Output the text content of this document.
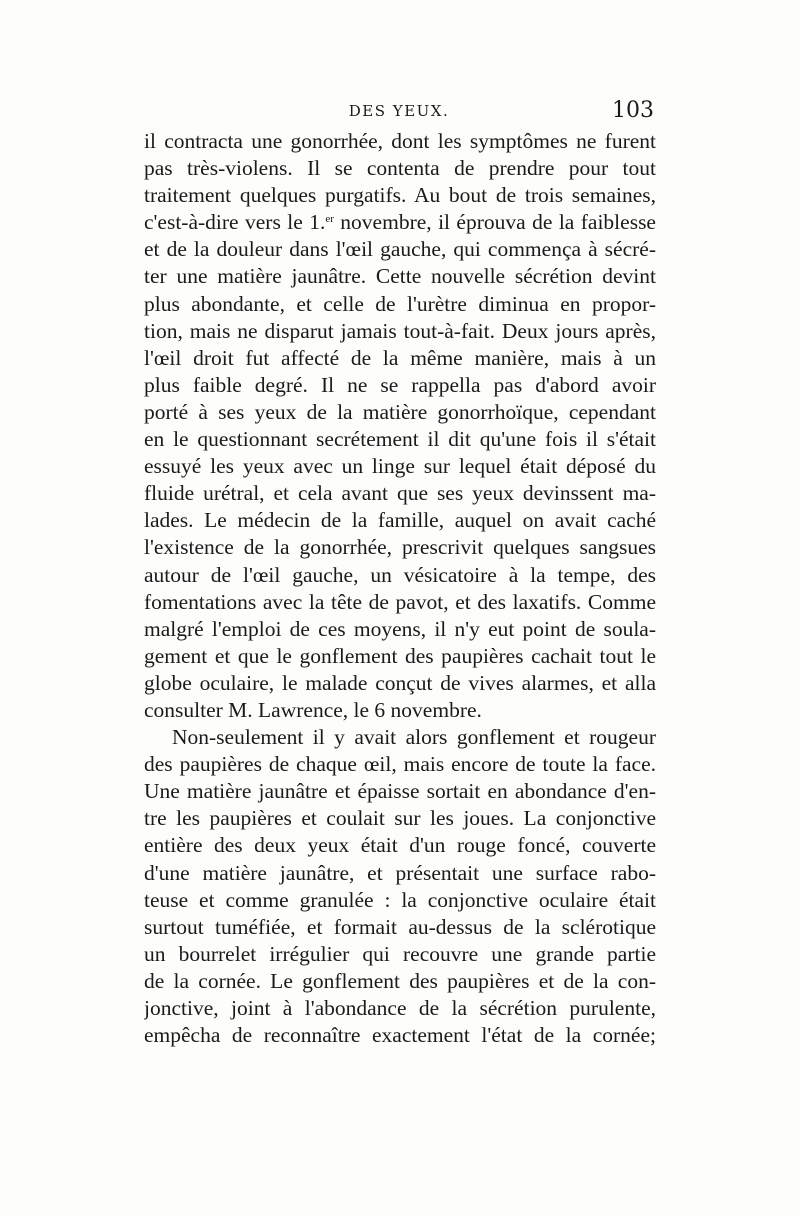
DES YEUX.	103
il contracta une gonorrhée, dont les symptômes ne furent
pas très-violens. Il se contenta de prendre pour tout
traitement quelques purgatifs. Au bout de trois semaines,
c'est-à-dire vers le 1.$^{er}$ novembre, il éprouva de la faiblesse
et de la douleur dans l'œil gauche, qui commença à sécré-
ter une matière jaunâtre. Cette nouvelle sécrétion devint
plus abondante, et celle de l'urètre diminua en propor-
tion, mais ne disparut jamais tout-à-fait. Deux jours après,
l'œil droit fut affecté de la même manière, mais à un
plus faible degré. Il ne se rappella pas d'abord avoir
porté à ses yeux de la matière gonorrhoïque, cependant
en le questionnant secrétement il dit qu'une fois il s'était
essuyé les yeux avec un linge sur lequel était déposé du
fluide urétral, et cela avant que ses yeux devinssent ma-
lades. Le médecin de la famille, auquel on avait caché
l'existence de la gonorrhée, prescrivit quelques sangsues
autour de l'œil gauche, un vésicatoire à la tempe, des
fomentations avec la tête de pavot, et des laxatifs. Comme
malgré l'emploi de ces moyens, il n'y eut point de soula-
gement et que le gonflement des paupières cachait tout le
globe oculaire, le malade conçut de vives alarmes, et alla
consulter M. Lawrence, le 6 novembre.
Non-seulement il y avait alors gonflement et rougeur
des paupières de chaque œil, mais encore de toute la face.
Une matière jaunâtre et épaisse sortait en abondance d'en-
tre les paupières et coulait sur les joues. La conjonctive
entière des deux yeux était d'un rouge foncé, couverte
d'une matière jaunâtre, et présentait une surface rabo-
teuse et comme granulée : la conjonctive oculaire était
surtout tuméfiée, et formait au-dessus de la sclérotique
un bourrelet irrégulier qui recouvre une grande partie
de la cornée. Le gonflement des paupières et de la con-
jonctive, joint à l'abondance de la sécrétion purulente,
empêcha de reconnaître exactement l'état de la cornée;
